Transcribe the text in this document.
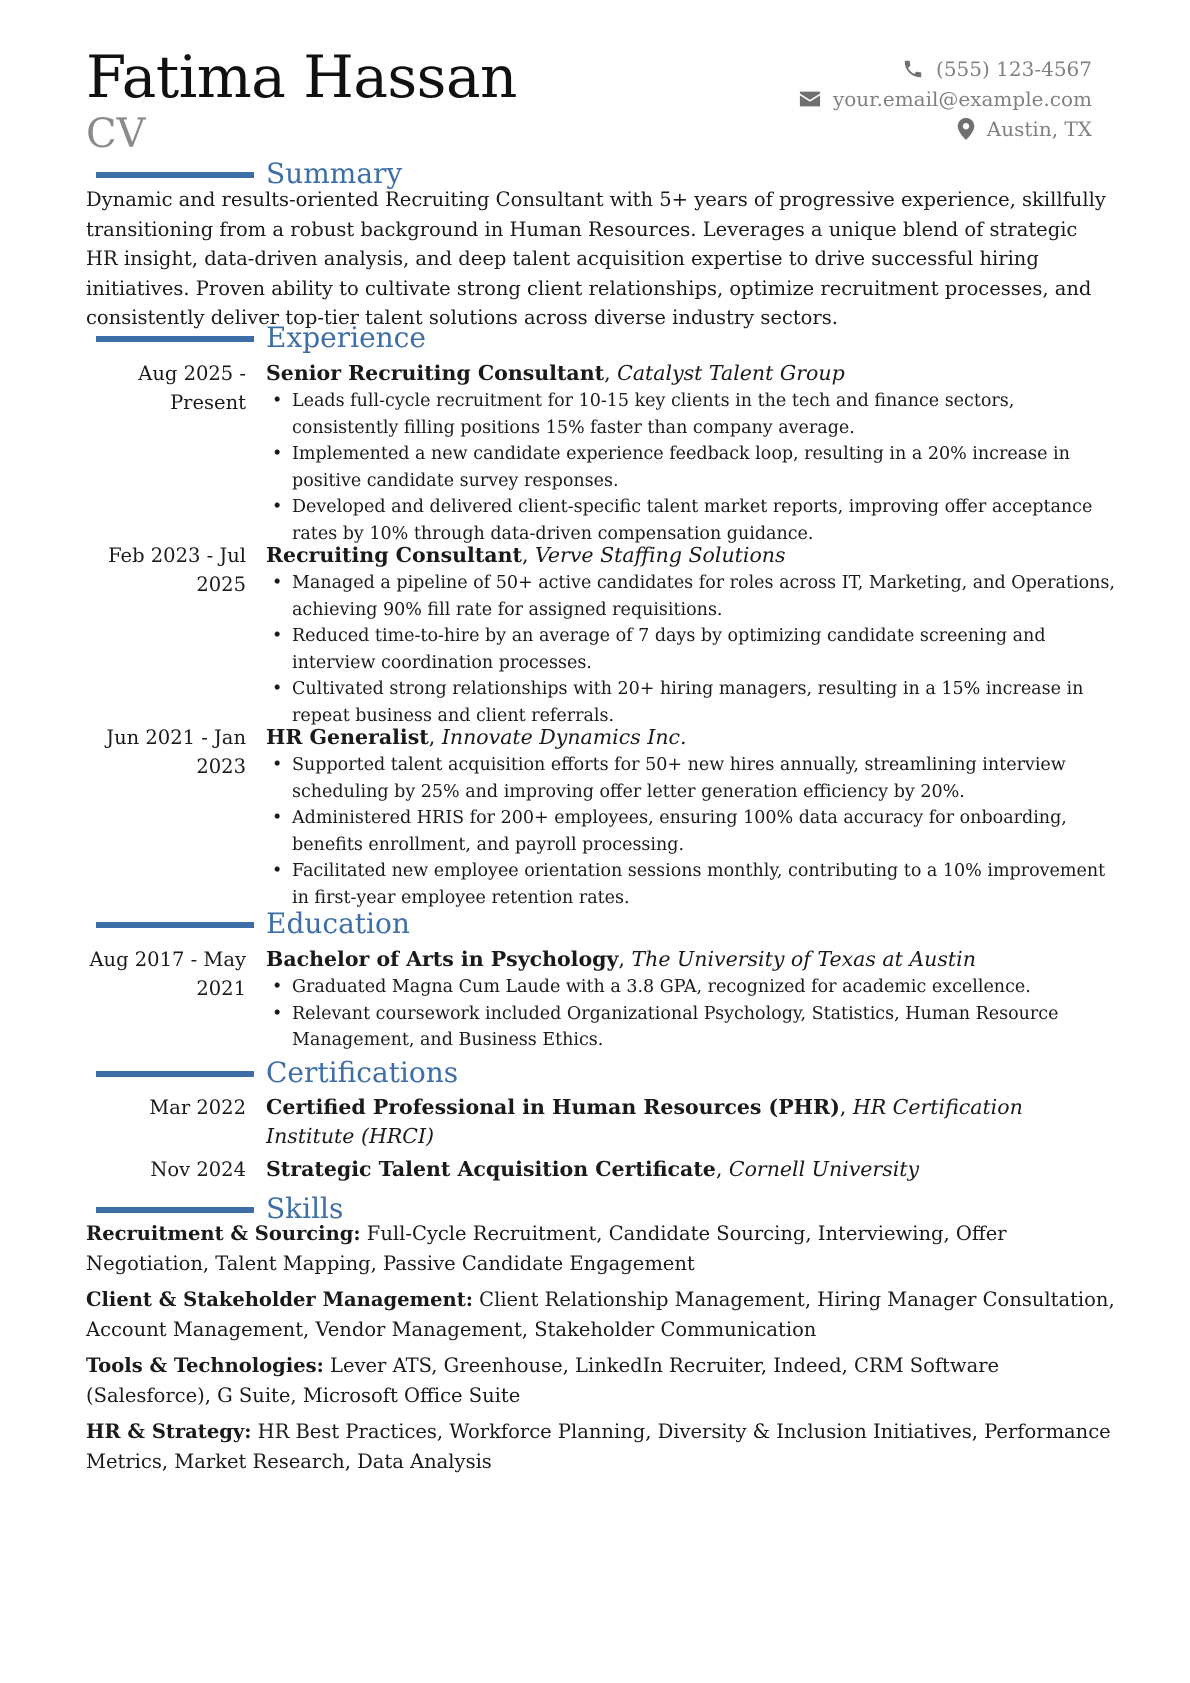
Fatima Hassan
CV
(555) 123-4567
your.email@example.com
Austin, TX
Summary

Dynamic and results-oriented Recruiting Consultant with 5+ years of progressive experience, skillfully transitioning from a robust background in Human Resources. Leverages a unique blend of strategic HR insight, data-driven analysis, and deep talent acquisition expertise to drive successful hiring initiatives. Proven ability to cultivate strong client relationships, optimize recruitment processes, and consistently deliver top-tier talent solutions across diverse industry sectors.

Experience
Aug 2025 - Present
Senior Recruiting Consultant, Catalyst Talent Group
• Leads full-cycle recruitment for 10-15 key clients in the tech and finance sectors, consistently filling positions 15% faster than company average.
• Implemented a new candidate experience feedback loop, resulting in a 20% increase in positive candidate survey responses.
• Developed and delivered client-specific talent market reports, improving offer acceptance rates by 10% through data-driven compensation guidance.
Feb 2023 - Jul 2025
Recruiting Consultant, Verve Staffing Solutions
• Managed a pipeline of 50+ active candidates for roles across IT, Marketing, and Operations, achieving 90% fill rate for assigned requisitions.
• Reduced time-to-hire by an average of 7 days by optimizing candidate screening and interview coordination processes.
• Cultivated strong relationships with 20+ hiring managers, resulting in a 15% increase in repeat business and client referrals.
Jun 2021 - Jan 2023
HR Generalist, Innovate Dynamics Inc.
• Supported talent acquisition efforts for 50+ new hires annually, streamlining interview scheduling by 25% and improving offer letter generation efficiency by 20%.
• Administered HRIS for 200+ employees, ensuring 100% data accuracy for onboarding, benefits enrollment, and payroll processing.
• Facilitated new employee orientation sessions monthly, contributing to a 10% improvement in first-year employee retention rates.
Education
Aug 2017 - May 2021
Bachelor of Arts in Psychology, The University of Texas at Austin
• Graduated Magna Cum Laude with a 3.8 GPA, recognized for academic excellence.
• Relevant coursework included Organizational Psychology, Statistics, Human Resource Management, and Business Ethics.
Certifications
Mar 2022 Certified Professional in Human Resources (PHR), HR Certification Institute (HRCI)
Nov 2024 Strategic Talent Acquisition Certificate, Cornell University
Skills

Recruitment & Sourcing: Full-Cycle Recruitment, Candidate Sourcing, Interviewing, Offer Negotiation, Talent Mapping, Passive Candidate Engagement

Client & Stakeholder Management: Client Relationship Management, Hiring Manager Consultation, Account Management, Vendor Management, Stakeholder Communication

Tools & Technologies: Lever ATS, Greenhouse, LinkedIn Recruiter, Indeed, CRM Software (Salesforce), G Suite, Microsoft Office Suite

HR & Strategy: HR Best Practices, Workforce Planning, Diversity & Inclusion Initiatives, Performance Metrics, Market Research, Data Analysis
